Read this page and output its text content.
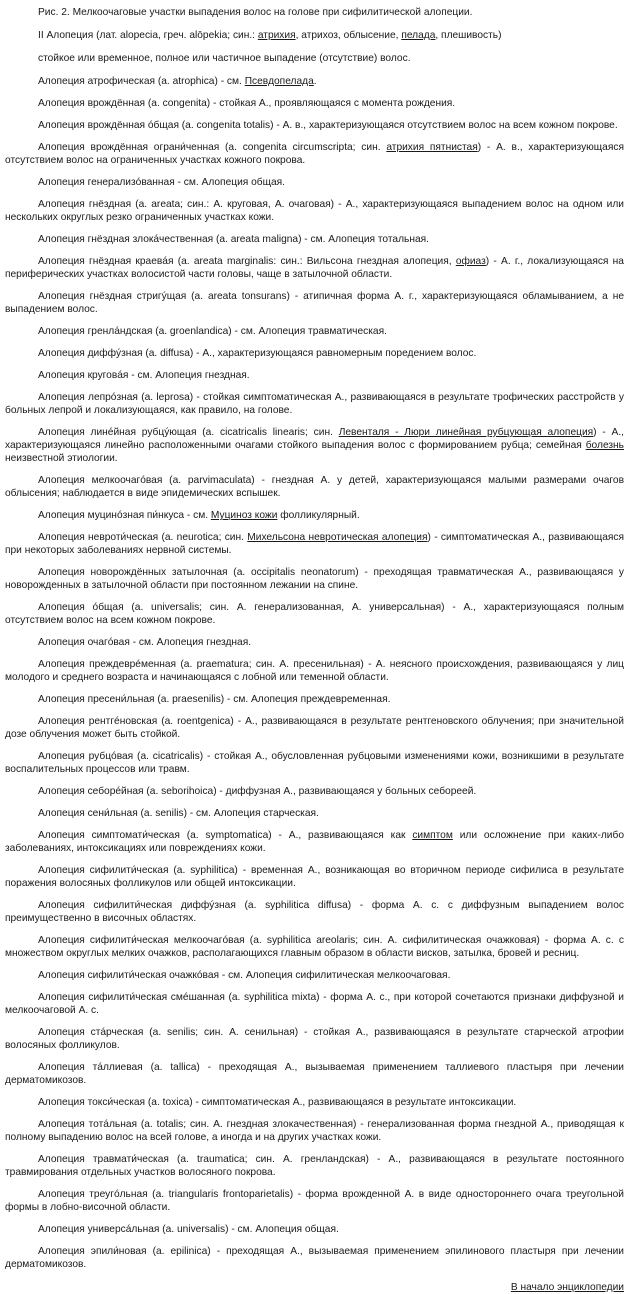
Рис. 2. Мелкоочаговые участки выпадения волос на голове при сифилитической алопеции.
II Алопеция (лат. alopecia, греч. alōpekia; син.: атрихия, атрихоз, облысение, пелада, плешивость)
стойкое или временное, полное или частичное выпадение (отсутствие) волос.
Алопеция атрофическая (a. atrophica) - см. Псевдопелада.
Алопеция врождённая (a. congenita) - стойкая А., проявляющаяся с момента рождения.
Алопеция врождённая óбщая (a. congenita totalis) - А. в., характеризующаяся отсутствием волос на всем кожном покрове.
Алопеция врождённая ограни́ченная (a. congenita circumscripta; син. атрихия пятнистая) - А. в., характеризующаяся отсутствием волос на ограниченных участках кожного покрова.
Алопеция генерализóванная - см. Алопеция общая.
Алопеция гнёздная (a. areata; син.: А. круговая, А. очаговая) - А., характеризующаяся выпадением волос на одном или нескольких округлых резко ограниченных участках кожи.
Алопеция гнёздная злокáчественная (a. areata maligna) - см. Алопеция тотальная.
Алопеция гнёздная краевáя (a. areata marginalis: син.: Вильсона гнездная алопеция, офиаз) - А. г., локализующаяся на периферических участках волосистой части головы, чаще в затылочной области.
Алопеция гнёздная стригýщая (a. areata tonsurans) - атипичная форма А. г., характеризующаяся обламыванием, а не выпадением волос.
Алопеция гренлáндская (a. groenlandica) - см. Алопеция травматическая.
Алопеция диффýзная (a. diffusa) - А., характеризующаяся равномерным поредением волос.
Алопеция круговáя - см. Алопеция гнездная.
Алопеция лепрóзная (a. leprosa) - стойкая симптоматическая А., развивающаяся в результате трофических расстройств у больных лепрой и локализующаяся, как правило, на голове.
Алопеция линéйная рубцýющая (a. cicatricalis linearis; син. Левенталя - Люри линейная рубцующая алопеция) - А., характеризующаяся линейно расположенными очагами стойкого выпадения волос с формированием рубца; семейная болезнь неизвестной этиологии.
Алопеция мелкоочагóвая (a. parvimaculata) - гнездная А. у детей, характеризующаяся малыми размерами очагов облысения; наблюдается в виде эпидемических вспышек.
Алопеция муцинóзная пи́нкуса - см. Муциноз кожи фолликулярный.
Алопеция невроти́ческая (a. neurotica; син. Михельсона невротическая алопеция) - симптоматическая А., развивающаяся при некоторых заболеваниях нервной системы.
Алопеция новорождённых затылочная (a. occipitalis neonatorum) - преходящая травматическая А., развивающаяся у новорожденных в затылочной области при постоянном лежании на спине.
Алопеция óбщая (a. universalis; син. А. генерализованная, А. универсальная) - А., характеризующаяся полным отсутствием волос на всем кожном покрове.
Алопеция очагóвая - см. Алопеция гнездная.
Алопеция преждеврéменная (a. praematura; син. А. пресенильная) - А. неясного происхождения, развивающаяся у лиц молодого и среднего возраста и начинающаяся с лобной или теменной области.
Алопеция пресени́льная (a. praesenilis) - см. Алопеция преждевременная.
Алопеция рентгéновская (a. roentgenica) - А., развивающаяся в результате рентгеновского облучения; при значительной дозе облучения может быть стойкой.
Алопеция рубцóвая (a. cicatricalis) - стойкая А., обусловленная рубцовыми изменениями кожи, возникшими в результате воспалительных процессов или травм.
Алопеция себорéйная (a. seborihoica) - диффузная А., развивающаяся у больных себореей.
Алопеция сени́льная (a. senilis) - см. Алопеция старческая.
Алопеция симптомати́ческая (a. symptomatica) - А., развивающаяся как симптом или осложнение при каких-либо заболеваниях, интоксикациях или повреждениях кожи.
Алопеция сифилити́ческая (a. syphilitica) - временная А., возникающая во вторичном периоде сифилиса в результате поражения волосяных фолликулов или общей интоксикации.
Алопеция сифилити́ческая диффýзная (a. syphilitica diffusa) - форма А. с. с диффузным выпадением волос преимущественно в височных областях.
Алопеция сифилити́ческая мелкоочагóвая (a. syphilitica areolaris; син. А. сифилитическая очажковая) - форма А. с. с множеством округлых мелких очажков, располагающихся главным образом в области висков, затылка, бровей и ресниц.
Алопеция сифилити́ческая очажкóвая - см. Алопеция сифилитическая мелкоочаговая.
Алопеция сифилити́ческая смéшанная (a. syphilitica mixta) - форма А. с., при которой сочетаются признаки диффузной и мелкоочаговой А. с.
Алопеция стáрческая (a. senilis; син. А. сенильная) - стойкая А., развивающаяся в результате старческой атрофии волосяных фолликулов.
Алопеция тáллиевая (a. tallica) - преходящая А., вызываемая применением таллиевого пластыря при лечении дерматомикозов.
Алопеция токси́ческая (a. toxica) - симптоматическая А., развивающаяся в результате интоксикации.
Алопеция тотáльная (a. totalis; син. А. гнездная злокачественная) - генерализованная форма гнездной А., приводящая к полному выпадению волос на всей голове, а иногда и на других участках кожи.
Алопеция травмати́ческая (a. traumatica; син. А. гренландская) - А., развивающаяся в результате постоянного травмирования отдельных участков волосяного покрова.
Алопеция треугóльная (a. triangularis frontoparietalis) - форма врожденной А. в виде одностороннего очага треугольной формы в лобно-височной области.
Алопеция универсáльная (a. universalis) - см. Алопеция общая.
Алопеция эпили́новая (a. epilinica) - преходящая А., вызываемая применением эпилинового пластыря при лечении дерматомикозов.
В начало энциклопедии
